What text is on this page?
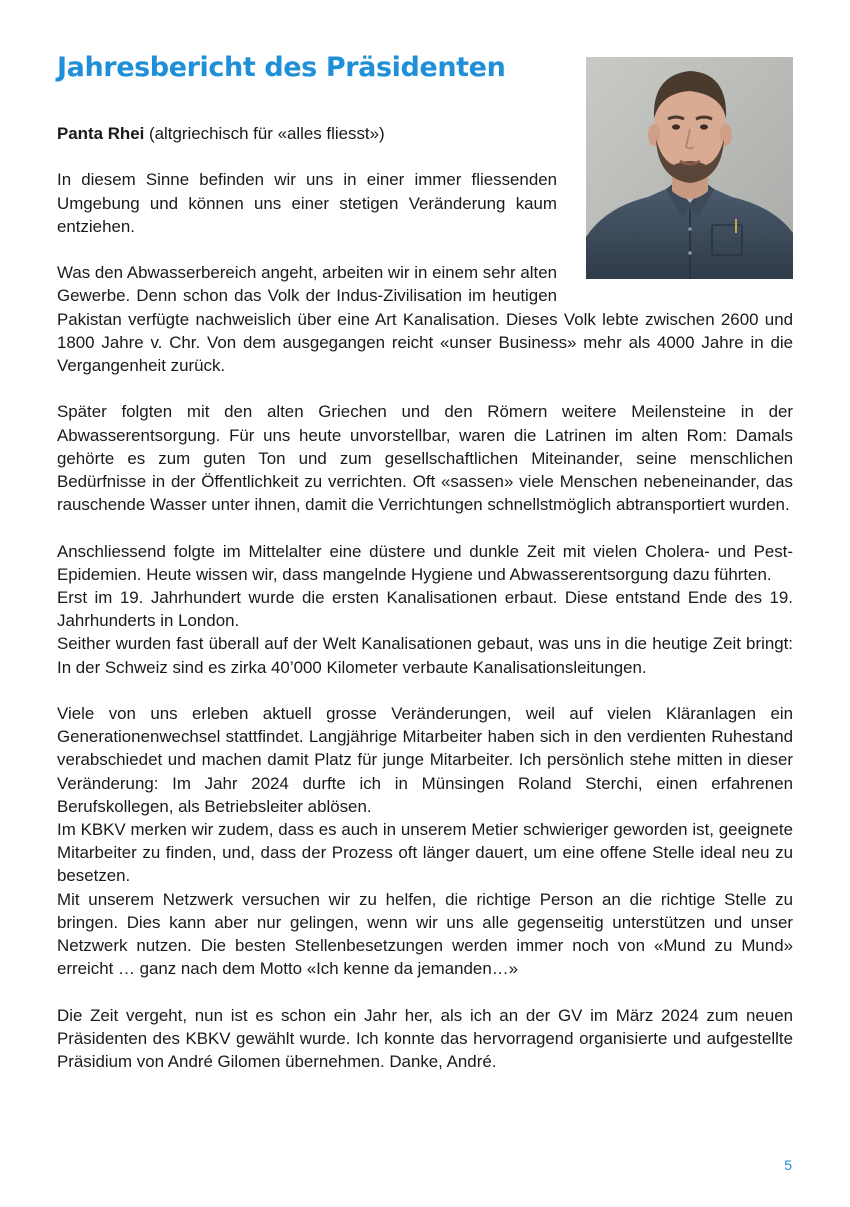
Jahresbericht des Präsidenten

Panta Rhei (altgriechisch für «alles fliesst»)

In diesem Sinne befinden wir uns in einer immer fliessenden Umgebung und können uns einer stetigen Veränderung kaum entziehen.

Was den Abwasserbereich angeht, arbeiten wir in einem sehr alten Gewerbe. Denn schon das Volk der Indus-Zivilisation im heutigen Pakistan verfügte nachweislich über eine Art Kanalisation. Dieses Volk lebte zwischen 2600 und 1800 Jahre v. Chr. Von dem ausgegangen reicht «unser Business» mehr als 4000 Jahre in die Vergangenheit zurück.

Später folgten mit den alten Griechen und den Römern weitere Meilensteine in der Abwasserentsorgung. Für uns heute unvorstellbar, waren die Latrinen im alten Rom: Damals gehörte es zum guten Ton und zum gesellschaftlichen Miteinander, seine menschlichen Bedürfnisse in der Öffentlichkeit zu verrichten. Oft «sassen» viele Menschen nebeneinander, das rauschende Wasser unter ihnen, damit die Verrichtungen schnellstmöglich abtransportiert wurden.

Anschliessend folgte im Mittelalter eine düstere und dunkle Zeit mit vielen Cholera- und Pest-Epidemien. Heute wissen wir, dass mangelnde Hygiene und Abwasserentsorgung dazu führten.

Erst im 19. Jahrhundert wurde die ersten Kanalisationen erbaut. Diese entstand Ende des 19. Jahrhunderts in London.

Seither wurden fast überall auf der Welt Kanalisationen gebaut, was uns in die heutige Zeit bringt: In der Schweiz sind es zirka 40’000 Kilometer verbaute Kanalisationsleitungen.

Viele von uns erleben aktuell grosse Veränderungen, weil auf vielen Kläranlagen ein Generationenwechsel stattfindet. Langjährige Mitarbeiter haben sich in den verdienten Ruhestand verabschiedet und machen damit Platz für junge Mitarbeiter. Ich persönlich stehe mitten in dieser Veränderung: Im Jahr 2024 durfte ich in Münsingen Roland Sterchi, einen erfahrenen Berufskollegen, als Betriebsleiter ablösen.

Im KBKV merken wir zudem, dass es auch in unserem Metier schwieriger geworden ist, geeignete Mitarbeiter zu finden, und, dass der Prozess oft länger dauert, um eine offene Stelle ideal neu zu besetzen.

Mit unserem Netzwerk versuchen wir zu helfen, die richtige Person an die richtige Stelle zu bringen. Dies kann aber nur gelingen, wenn wir uns alle gegenseitig unterstützen und unser Netzwerk nutzen. Die besten Stellenbesetzungen werden immer noch von «Mund zu Mund» erreicht … ganz nach dem Motto «Ich kenne da jemanden…»

Die Zeit vergeht, nun ist es schon ein Jahr her, als ich an der GV im März 2024 zum neuen Präsidenten des KBKV gewählt wurde. Ich konnte das hervorragend organisierte und aufgestellte Präsidium von André Gilomen übernehmen. Danke, André.

5
